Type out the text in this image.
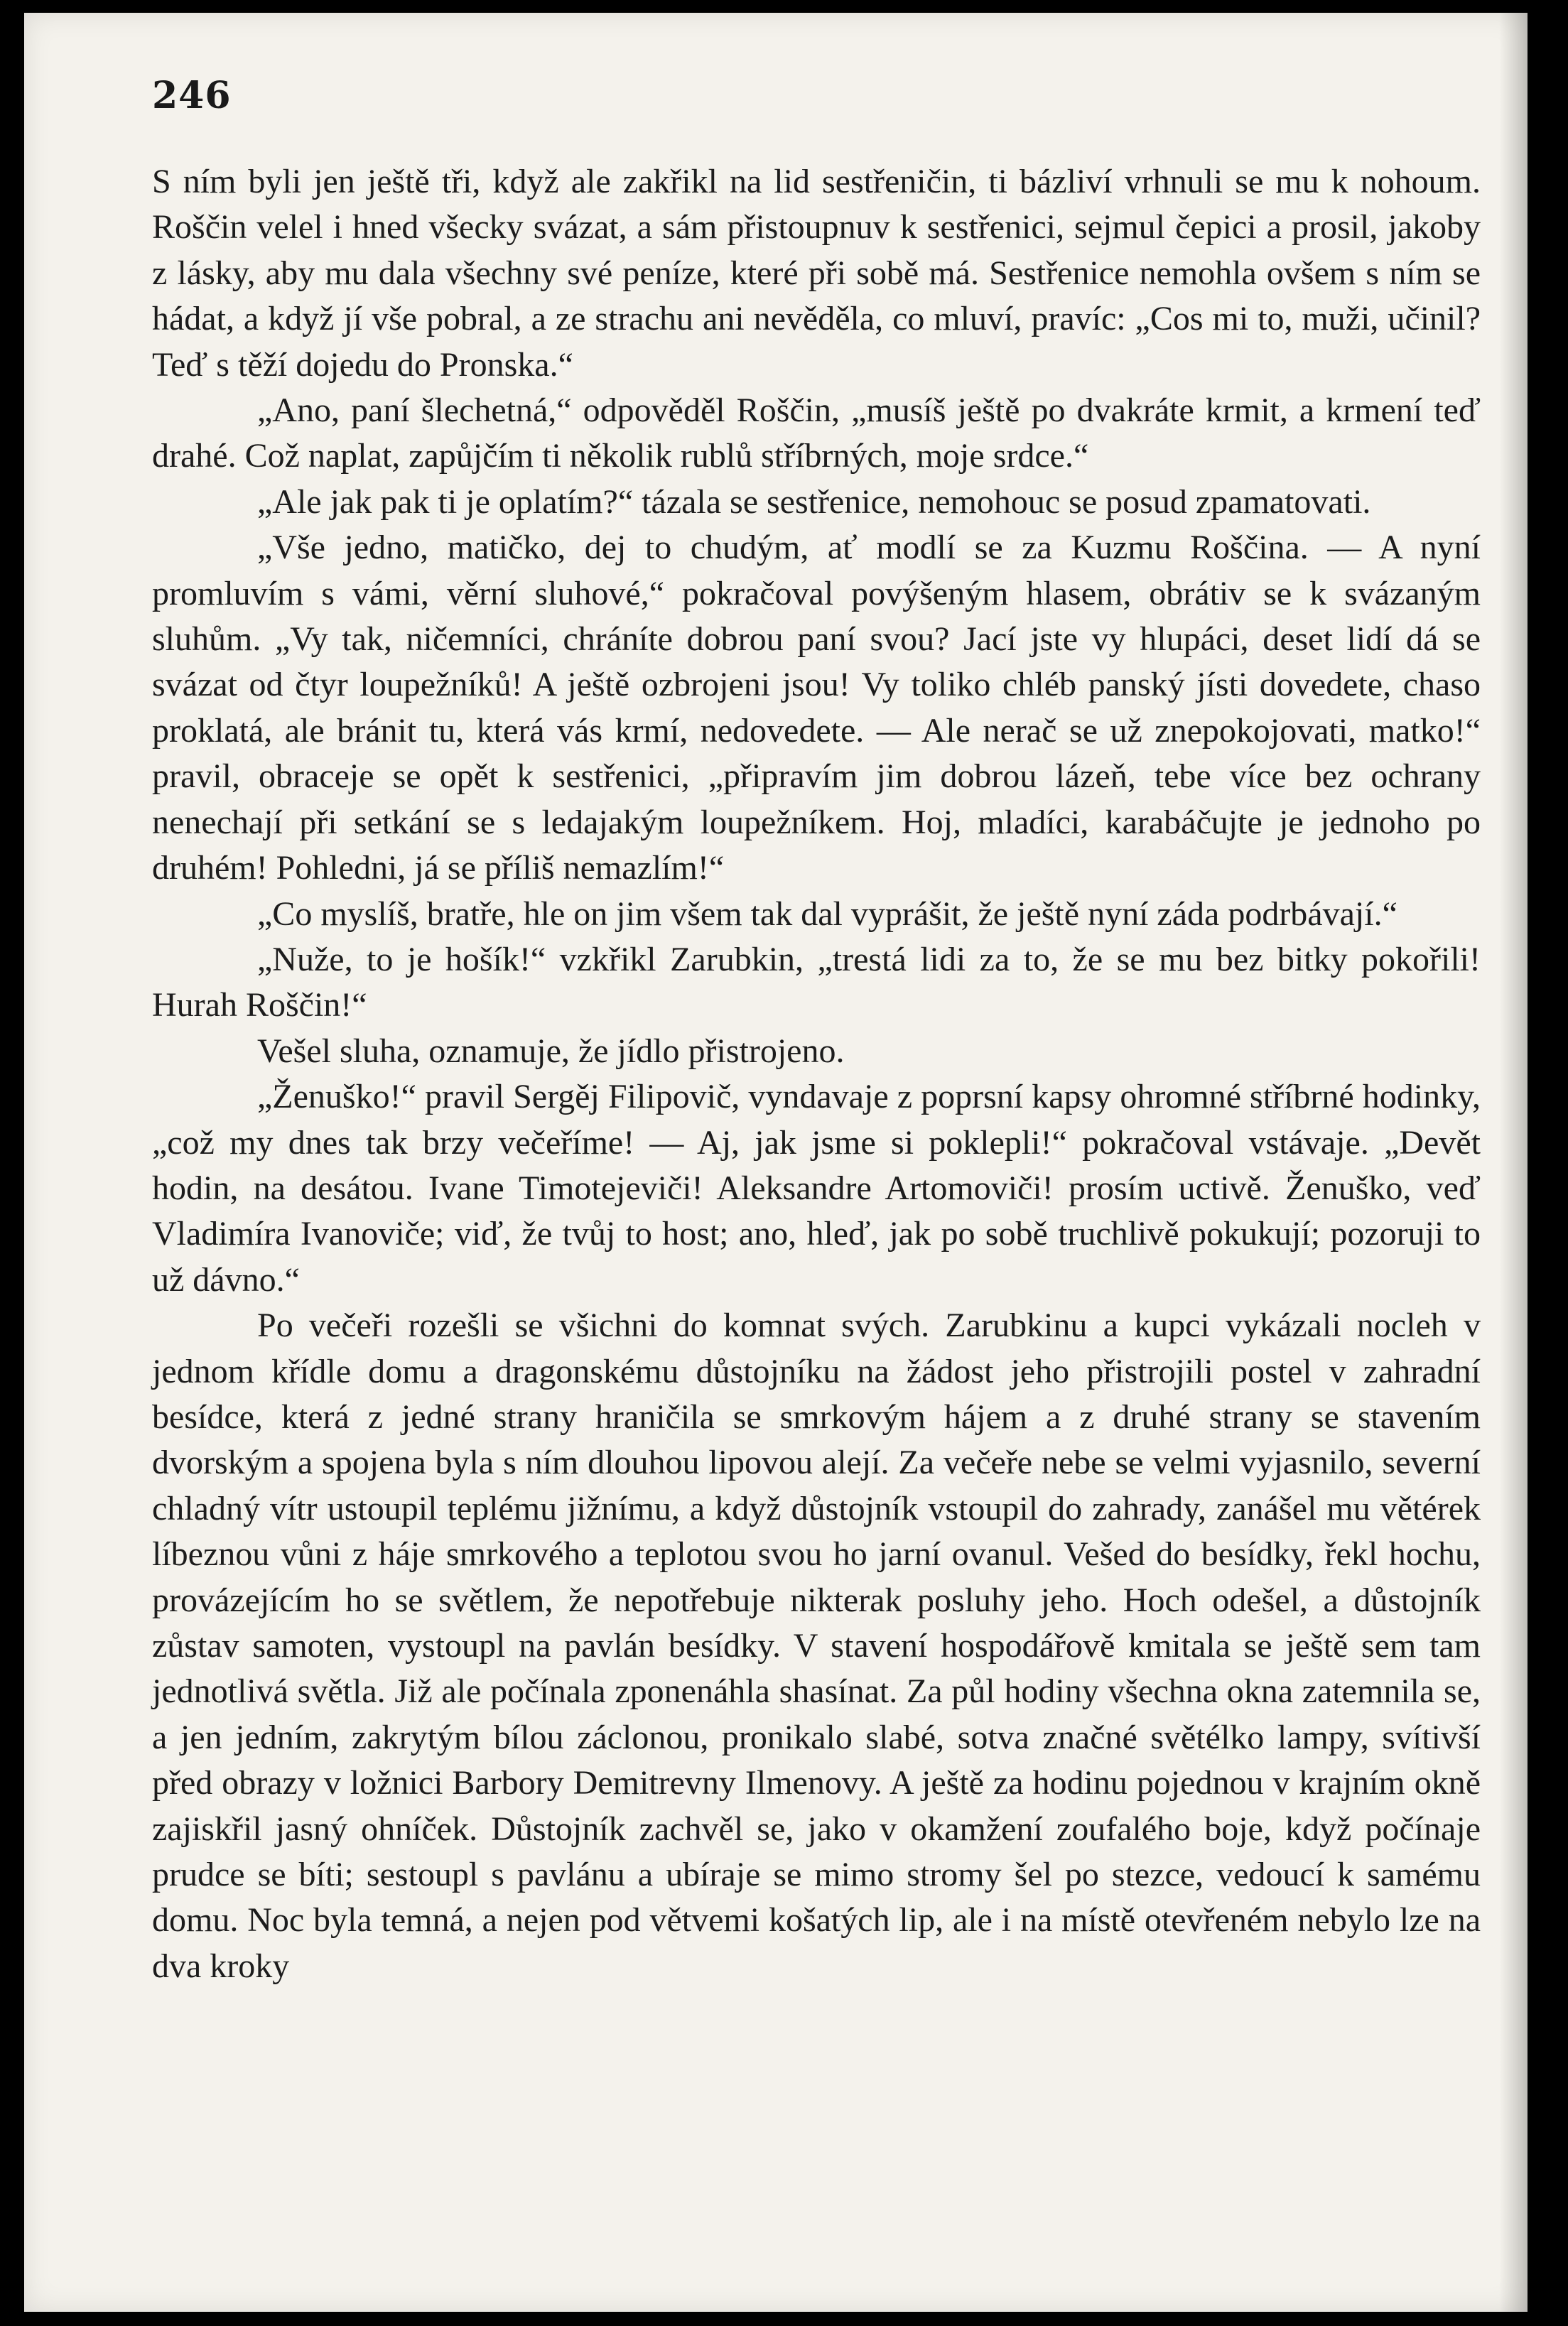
246

S ním byli jen ještě tři, když ale zakřikl na lid sestřeničin, ti bázliví vrhnuli se mu k nohoum. Roščin velel i hned všecky svázat, a sám přistoupnuv k sestřenici, sejmul čepici a prosil, jakoby z lásky, aby mu dala všechny své peníze, které při sobě má. Sestřenice nemohla ovšem s ním se hádat, a když jí vše pobral, a ze strachu ani nevěděla, co mluví, pravíc: „Cos mi to, muži, učinil? Teď s těží dojedu do Pronska.“

„Ano, paní šlechetná,“ odpověděl Roščin, „musíš ještě po dvakráte krmit, a krmení teď drahé. Což naplat, zapůjčím ti několik rublů stříbrných, moje srdce.“

„Ale jak pak ti je oplatím?“ tázala se sestřenice, nemohouc se posud zpamatovati.

„Vše jedno, matičko, dej to chudým, ať modlí se za Kuzmu Roščina. — A nyní promluvím s vámi, věrní sluhové,“ pokračoval povýšeným hlasem, obrátiv se k svázaným sluhům. „Vy tak, ničemníci, chráníte dobrou paní svou? Jací jste vy hlupáci, deset lidí dá se svázat od čtyr loupežníků! A ještě ozbrojeni jsou! Vy toliko chléb panský jísti dovedete, chaso proklatá, ale bránit tu, která vás krmí, nedovedete. — Ale nerač se už znepokojovati, matko!“ pravil, obraceje se opět k sestřenici, „připravím jim dobrou lázeň, tebe více bez ochrany nenechají při setkání se s ledajakým loupežníkem. Hoj, mladíci, karabáčujte je jednoho po druhém! Pohledni, já se příliš nemazlím!“

„Co myslíš, bratře, hle on jim všem tak dal vyprášit, že ještě nyní záda podrbávají.“

„Nuže, to je hošík!“ vzkřikl Zarubkin, „trestá lidi za to, že se mu bez bitky pokořili! Hurah Roščin!“

Vešel sluha, oznamuje, že jídlo přistrojeno.

„Ženuško!“ pravil Sergěj Filipovič, vyndavaje z poprsní kapsy ohromné stříbrné hodinky, „což my dnes tak brzy večeříme! — Aj, jak jsme si poklepli!“ pokračoval vstávaje. „Devět hodin, na desátou. Ivane Timotejeviči! Aleksandre Artomoviči! prosím uctivě. Ženuško, veď Vladimíra Ivanoviče; viď, že tvůj to host; ano, hleď, jak po sobě truchlivě pokukují; pozoruji to už dávno.“

Po večeři rozešli se všichni do komnat svých. Zarubkinu a kupci vykázali nocleh v jednom křídle domu a dragonskému důstojníku na žádost jeho přistrojili postel v zahradní besídce, která z jedné strany hraničila se smrkovým hájem a z druhé strany se stavením dvorským a spojena byla s ním dlouhou lipovou alejí. Za večeře nebe se velmi vyjasnilo, severní chladný vítr ustoupil teplému jižnímu, a když důstojník vstoupil do zahrady, zanášel mu větérek líbeznou vůni z háje smrkového a teplotou svou ho jarní ovanul. Vešed do besídky, řekl hochu, provázejícím ho se světlem, že nepotřebuje nikterak posluhy jeho. Hoch odešel, a důstojník zůstav samoten, vystoupl na pavlán besídky. V stavení hospodářově kmitala se ještě sem tam jednotlivá světla. Již ale počínala zponenáhla shasínat. Za půl hodiny všechna okna zatemnila se, a jen jedním, zakrytým bílou záclonou, pronikalo slabé, sotva značné světélko lampy, svítivší před obrazy v ložnici Barbory Demitrevny Ilmenovy. A ještě za hodinu pojednou v krajním okně zajiskřil jasný ohníček. Důstojník zachvěl se, jako v okamžení zoufalého boje, když počínaje prudce se bíti; sestoupl s pavlánu a ubíraje se mimo stromy šel po stezce, vedoucí k samému domu. Noc byla temná, a nejen pod větvemi košatých lip, ale i na místě otevřeném nebylo lze na dva kroky
